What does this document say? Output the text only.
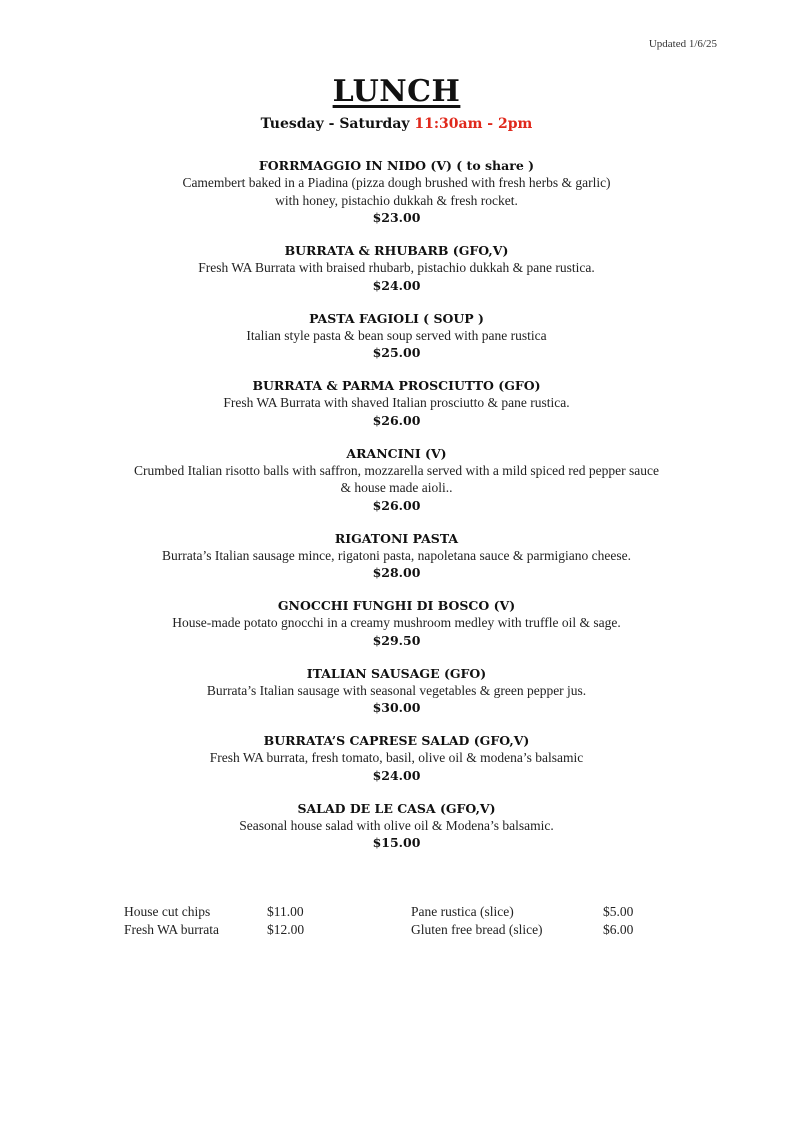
Updated 1/6/25
LUNCH
Tuesday - Saturday 11:30am - 2pm
FORRMAGGIO IN NIDO (V) ( to share )
Camembert baked in a Piadina (pizza dough brushed with fresh herbs & garlic)
with honey, pistachio dukkah & fresh rocket.
$23.00
BURRATA & RHUBARB (GFO,V)
Fresh WA Burrata with braised rhubarb, pistachio dukkah & pane rustica.
$24.00
PASTA FAGIOLI ( SOUP )
Italian style pasta & bean soup served with pane rustica
$25.00
BURRATA & PARMA PROSCIUTTO (GFO)
Fresh WA Burrata with shaved Italian prosciutto & pane rustica.
$26.00
ARANCINI (V)
Crumbed Italian risotto balls with saffron, mozzarella served with a mild spiced red pepper sauce
& house made aioli..
$26.00
RIGATONI PASTA
Burrata’s Italian sausage mince, rigatoni pasta, napoletana sauce & parmigiano cheese.
$28.00
GNOCCHI FUNGHI DI BOSCO (V)
House-made potato gnocchi in a creamy mushroom medley with truffle oil & sage.
$29.50
ITALIAN SAUSAGE (GFO)
Burrata’s Italian sausage with seasonal vegetables & green pepper jus.
$30.00
BURRATA’S CAPRESE SALAD (GFO,V)
Fresh WA burrata, fresh tomato, basil, olive oil & modena’s balsamic
$24.00
SALAD DE LE CASA (GFO,V)
Seasonal house salad with olive oil & Modena’s balsamic.
$15.00
House cut chips	$11.00	Pane rustica (slice)	$5.00
Fresh WA burrata	$12.00	Gluten free bread (slice)	$6.00
